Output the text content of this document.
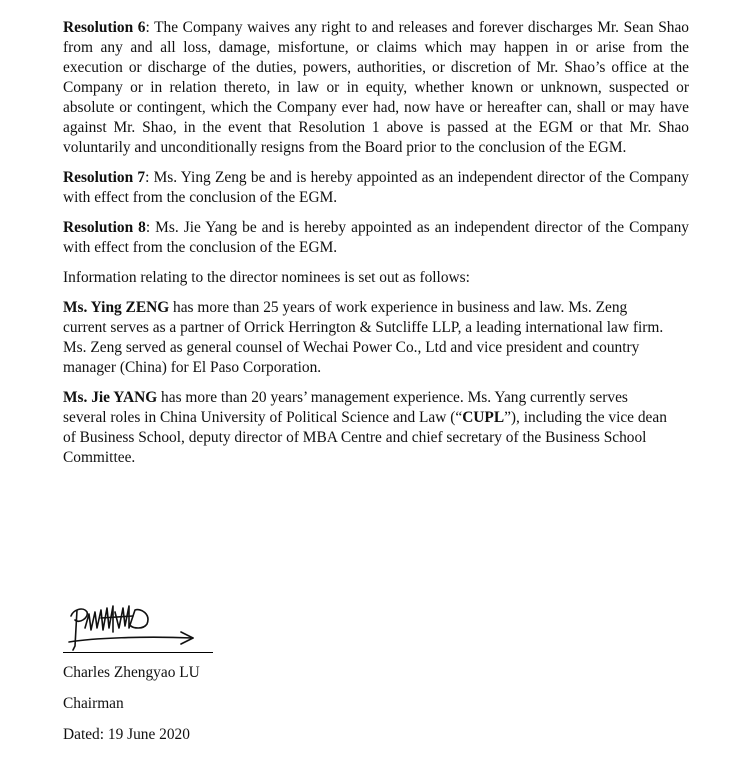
Resolution 6: The Company waives any right to and releases and forever discharges Mr. Sean Shao from any and all loss, damage, misfortune, or claims which may happen in or arise from the execution or discharge of the duties, powers, authorities, or discretion of Mr. Shao’s office at the Company or in relation thereto, in law or in equity, whether known or unknown, suspected or absolute or contingent, which the Company ever had, now have or hereafter can, shall or may have against Mr. Shao, in the event that Resolution 1 above is passed at the EGM or that Mr. Shao voluntarily and unconditionally resigns from the Board prior to the conclusion of the EGM.

Resolution 7: Ms. Ying Zeng be and is hereby appointed as an independent director of the Company with effect from the conclusion of the EGM.

Resolution 8: Ms. Jie Yang be and is hereby appointed as an independent director of the Company with effect from the conclusion of the EGM.

Information relating to the director nominees is set out as follows:

Ms. Ying ZENG has more than 25 years of work experience in business and law. Ms. Zeng current serves as a partner of Orrick Herrington & Sutcliffe LLP, a leading international law firm. Ms. Zeng served as general counsel of Wechai Power Co., Ltd and vice president and country manager (China) for El Paso Corporation.

Ms. Jie YANG has more than 20 years’ management experience. Ms. Yang currently serves several roles in China University of Political Science and Law (“CUPL”), including the vice dean of Business School, deputy director of MBA Centre and chief secretary of the Business School Committee.

Charles Zhengyao LU
Chairman
Dated: 19 June 2020
